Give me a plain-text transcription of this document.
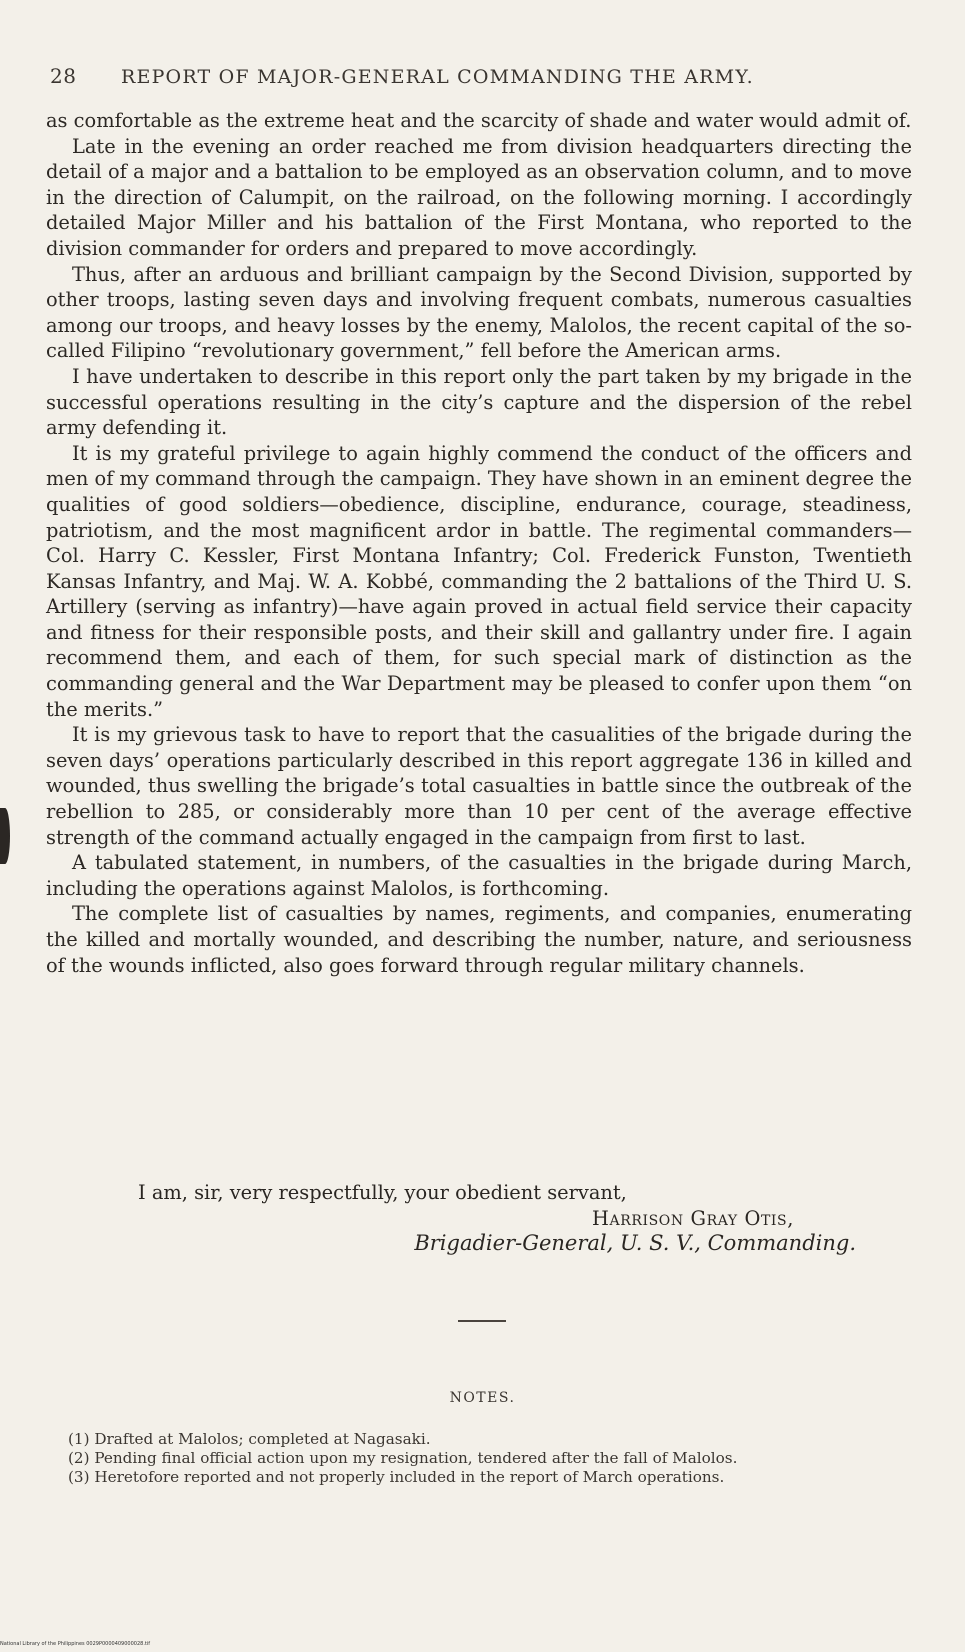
28 REPORT OF MAJOR-GENERAL COMMANDING THE ARMY.

as comfortable as the extreme heat and the scarcity of shade and water would admit of.

Late in the evening an order reached me from division headquarters directing the detail of a major and a battalion to be employed as an observation column, and to move in the direction of Calumpit, on the railroad, on the following morning. I accordingly detailed Major Miller and his battalion of the First Montana, who reported to the division commander for orders and prepared to move accordingly.

Thus, after an arduous and brilliant campaign by the Second Division, supported by other troops, lasting seven days and involving frequent combats, numerous casualties among our troops, and heavy losses by the enemy, Malolos, the recent capital of the so-called Filipino “revolutionary government,” fell before the American arms.

I have undertaken to describe in this report only the part taken by my brigade in the successful operations resulting in the city’s capture and the dispersion of the rebel army defending it.

It is my grateful privilege to again highly commend the conduct of the officers and men of my command through the campaign. They have shown in an eminent degree the qualities of good soldiers—obedience, discipline, endurance, courage, steadiness, patriotism, and the most magnificent ardor in battle. The regimental commanders—Col. Harry C. Kessler, First Montana Infantry; Col. Frederick Funston, Twentieth Kansas Infantry, and Maj. W. A. Kobbé, commanding the 2 battalions of the Third U. S. Artillery (serving as infantry)—have again proved in actual field service their capacity and fitness for their responsible posts, and their skill and gallantry under fire. I again recommend them, and each of them, for such special mark of distinction as the commanding general and the War Department may be pleased to confer upon them “on the merits.”

It is my grievous task to have to report that the casualities of the brigade during the seven days’ operations particularly described in this report aggregate 136 in killed and wounded, thus swelling the brigade’s total casualties in battle since the outbreak of the rebellion to 285, or considerably more than 10 per cent of the average effective strength of the command actually engaged in the campaign from first to last.

A tabulated statement, in numbers, of the casualties in the brigade during March, including the operations against Malolos, is forthcoming.

The complete list of casualties by names, regiments, and companies, enumerating the killed and mortally wounded, and describing the number, nature, and seriousness of the wounds inflicted, also goes forward through regular military channels.

I am, sir, very respectfully, your obedient servant,
Harrison Gray Otis,
Brigadier-General, U. S. V., Commanding.
NOTES.

(1) Drafted at Malolos; completed at Nagasaki.

(2) Pending final official action upon my resignation, tendered after the fall of Malolos.

(3) Heretofore reported and not properly included in the report of March operations.

National Library of the Philippines 0029P0000409000028.tif
